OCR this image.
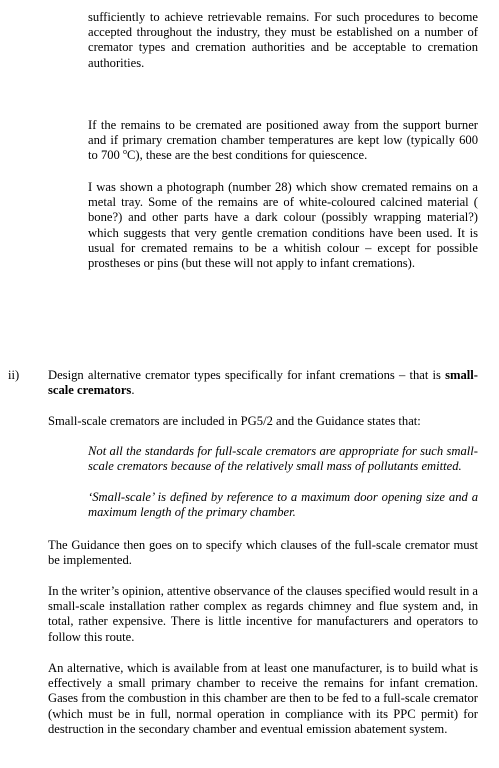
sufficiently to achieve retrievable remains. For such procedures to become accepted throughout the industry, they must be established on a number of cremator types and cremation authorities and be acceptable to cremation authorities.

If the remains to be cremated are positioned away from the support burner and if primary cremation chamber temperatures are kept low (typically 600 to 700 $^o$C), these are the best conditions for quiescence.

I was shown a photograph (number 28) which show cremated remains on a metal tray. Some of the remains are of white-coloured calcined material ( bone?) and other parts have a dark colour (possibly wrapping material?) which suggests that very gentle cremation conditions have been used. It is usual for cremated remains to be a whitish colour – except for possible prostheses or pins (but these will not apply to infant cremations).

ii) Design alternative cremator types specifically for infant cremations – that is small-scale cremators.

Small-scale cremators are included in PG5/2 and the Guidance states that:

Not all the standards for full-scale cremators are appropriate for such small-scale cremators because of the relatively small mass of pollutants emitted.

‘Small-scale’ is defined by reference to a maximum door opening size and a maximum length of the primary chamber.

The Guidance then goes on to specify which clauses of the full-scale cremator must be implemented.

In the writer’s opinion, attentive observance of the clauses specified would result in a small-scale installation rather complex as regards chimney and flue system and, in total, rather expensive. There is little incentive for manufacturers and operators to follow this route.

An alternative, which is available from at least one manufacturer, is to build what is effectively a small primary chamber to receive the remains for infant cremation. Gases from the combustion in this chamber are then to be fed to a full-scale cremator (which must be in full, normal operation in compliance with its PPC permit) for destruction in the secondary chamber and eventual emission abatement system.
